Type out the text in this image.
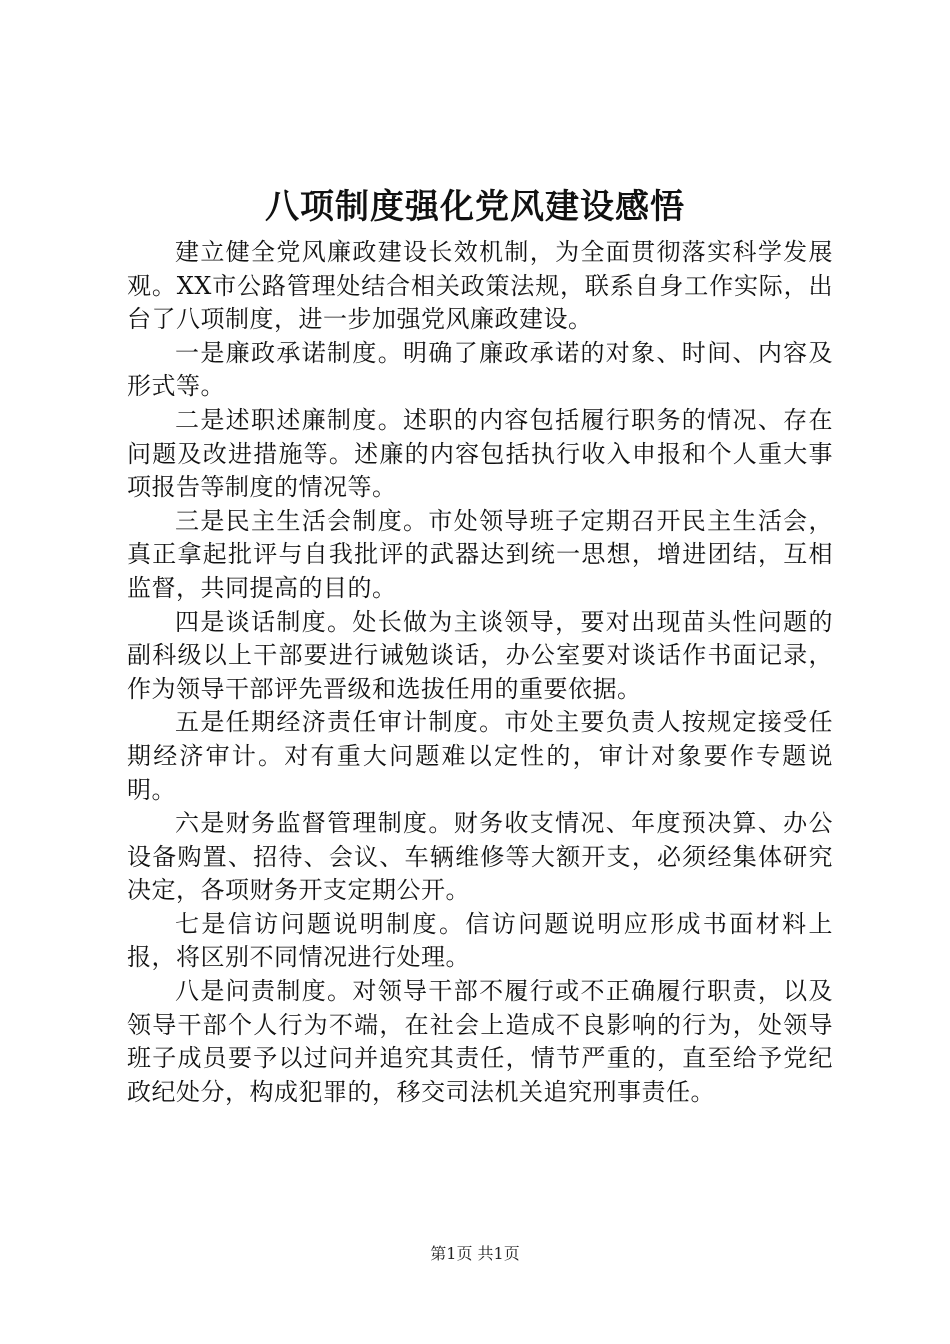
八项制度强化党风建设感悟

建立健全党风廉政建设长效机制，为全面贯彻落实科学发展观。XX市公路管理处结合相关政策法规，联系自身工作实际，出台了八项制度，进一步加强党风廉政建设。

一是廉政承诺制度。明确了廉政承诺的对象、时间、内容及形式等。

二是述职述廉制度。述职的内容包括履行职务的情况、存在问题及改进措施等。述廉的内容包括执行收入申报和个人重大事项报告等制度的情况等。

三是民主生活会制度。市处领导班子定期召开民主生活会，真正拿起批评与自我批评的武器达到统一思想，增进团结，互相监督，共同提高的目的。

四是谈话制度。处长做为主谈领导，要对出现苗头性问题的副科级以上干部要进行诫勉谈话，办公室要对谈话作书面记录，作为领导干部评先晋级和选拔任用的重要依据。

五是任期经济责任审计制度。市处主要负责人按规定接受任期经济审计。对有重大问题难以定性的，审计对象要作专题说明。

六是财务监督管理制度。财务收支情况、年度预决算、办公设备购置、招待、会议、车辆维修等大额开支，必须经集体研究决定，各项财务开支定期公开。

七是信访问题说明制度。信访问题说明应形成书面材料上报，将区别不同情况进行处理。

八是问责制度。对领导干部不履行或不正确履行职责，以及领导干部个人行为不端，在社会上造成不良影响的行为，处领导班子成员要予以过问并追究其责任，情节严重的，直至给予党纪政纪处分，构成犯罪的，移交司法机关追究刑事责任。

第1页 共1页
